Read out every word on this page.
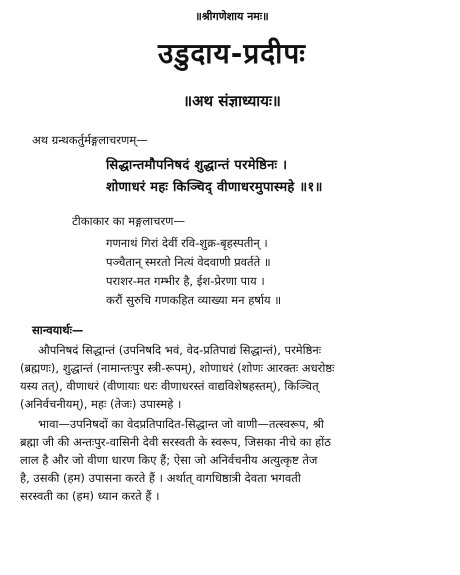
॥श्रीगणेशाय नमः॥
उडुदाय-प्रदीपः
॥अथ संज्ञाध्यायः॥
अथ ग्रन्थकर्तुर्मङ्गलाचरणम्—
सिद्धान्तमौपनिषदं शुद्धान्तं परमेष्ठिनः ।
शोणाधरं महः किञ्चिद् वीणाधरमुपास्महे ॥१॥
टीकाकार का मङ्गलाचरण—
गणनाथं गिरां देवीं रवि-शुक्र-बृहस्पतीन् ।
पञ्चैतान् स्मरतो नित्यं वेदवाणी प्रवर्तते ॥
पराशर-मत गम्भीर है, ईश-प्रेरणा पाय ।
करौं सुरुचि गणकहित व्याख्या मन हर्षाय ॥
सान्वयार्थः—
औपनिषदं सिद्धान्तं (उपनिषदि भवं, वेद-प्रतिपाद्यं सिद्धान्तं), परमेष्ठिनः
(ब्रह्मणः), शुद्धान्तं (नामान्तःपुर स्त्री-रूपम्), शोणाधरं (शोणः आरक्तः अधरोष्ठः
यस्य तत्), वीणाधरं (वीणायाः धरः वीणाधरस्तं वाद्यविशेषहस्तम्), किञ्चित्
(अनिर्वचनीयम्), महः (तेजः) उपास्महे ।
भावा—उपनिषदों का वेदप्रतिपादित-सिद्धान्त जो वाणी—तत्स्वरूप, श्री
ब्रह्मा जी की अन्तःपुर-वासिनी देवी सरस्वती के स्वरूप, जिसका नीचे का होंठ
लाल है और जो वीणा धारण किए हैं; ऐसा जो अनिर्वचनीय अत्युत्कृष्ट तेज
है, उसकी (हम) उपासना करते हैं । अर्थात् वागधिष्ठात्री देवता भगवती
सरस्वती का (हम) ध्यान करते हैं ।
